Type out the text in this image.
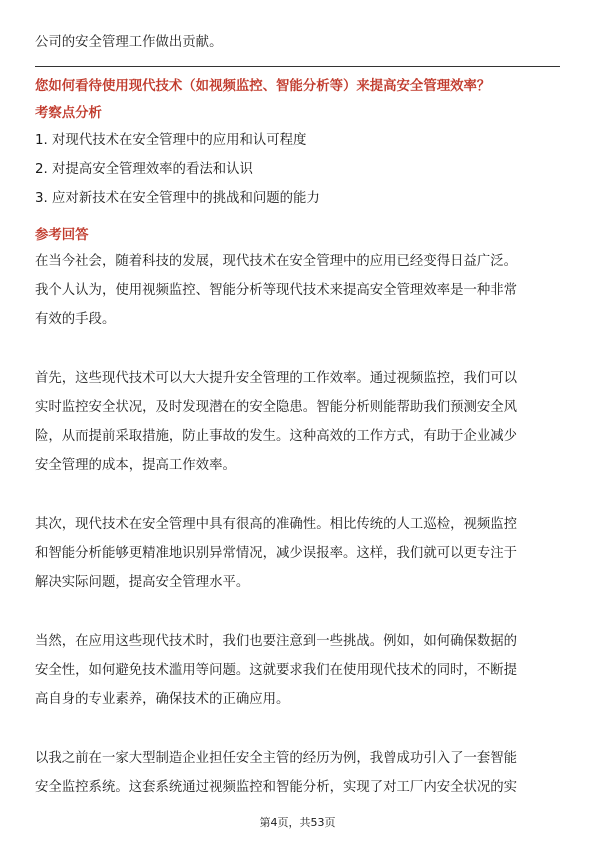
公司的安全管理工作做出贡献。
您如何看待使用现代技术（如视频监控、智能分析等）来提高安全管理效率？
考察点分析
1. 对现代技术在安全管理中的应用和认可程度
2. 对提高安全管理效率的看法和认识
3. 应对新技术在安全管理中的挑战和问题的能力
参考回答
在当今社会，随着科技的发展，现代技术在安全管理中的应用已经变得日益广泛。
我个人认为，使用视频监控、智能分析等现代技术来提高安全管理效率是一种非常
有效的手段。
首先，这些现代技术可以大大提升安全管理的工作效率。通过视频监控，我们可以
实时监控安全状况，及时发现潜在的安全隐患。智能分析则能帮助我们预测安全风
险，从而提前采取措施，防止事故的发生。这种高效的工作方式，有助于企业减少
安全管理的成本，提高工作效率。
其次，现代技术在安全管理中具有很高的准确性。相比传统的人工巡检，视频监控
和智能分析能够更精准地识别异常情况，减少误报率。这样，我们就可以更专注于
解决实际问题，提高安全管理水平。
当然，在应用这些现代技术时，我们也要注意到一些挑战。例如，如何确保数据的
安全性，如何避免技术滥用等问题。这就要求我们在使用现代技术的同时，不断提
高自身的专业素养，确保技术的正确应用。
以我之前在一家大型制造企业担任安全主管的经历为例，我曾成功引入了一套智能
安全监控系统。这套系统通过视频监控和智能分析，实现了对工厂内安全状况的实
第4页，共53页
